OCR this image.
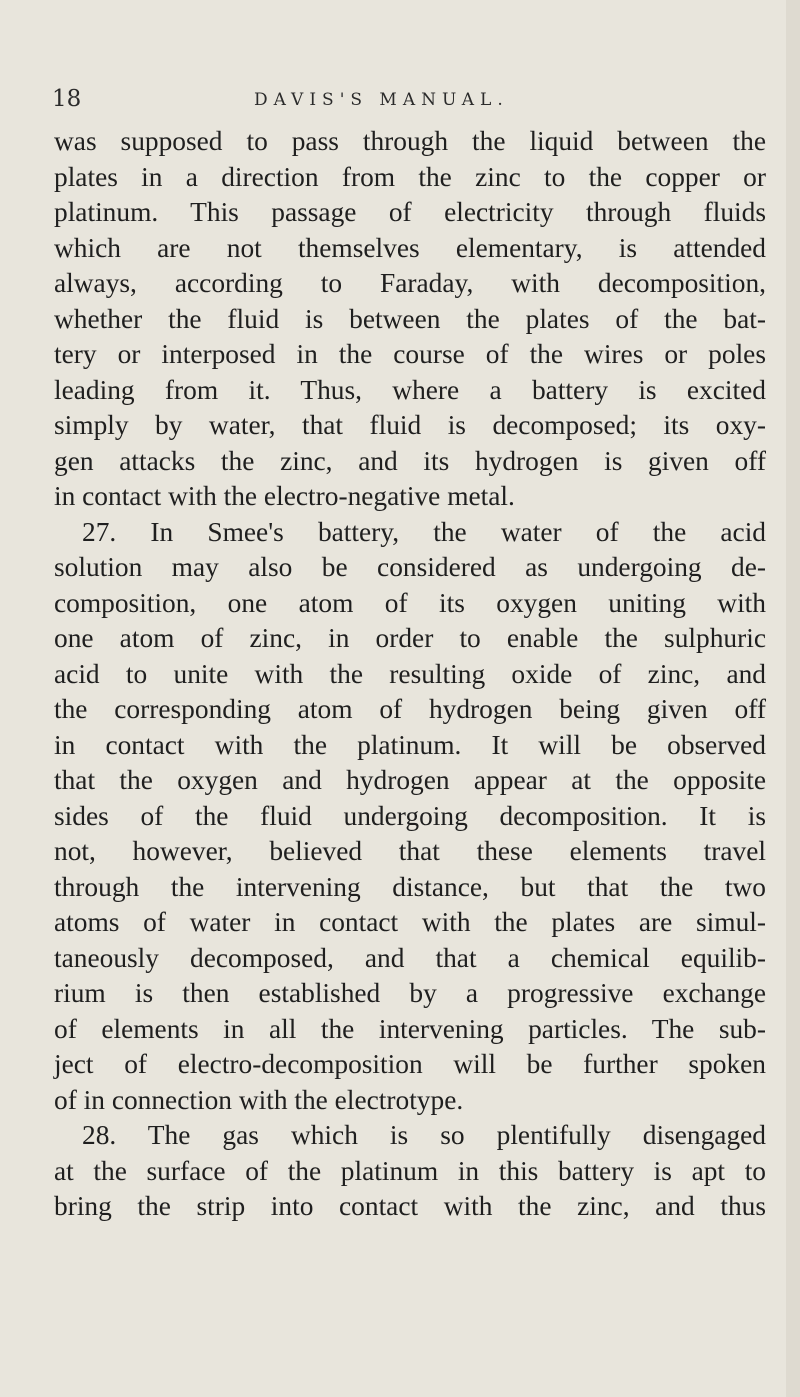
18	DAVIS'S MANUAL.
was supposed to pass through the liquid between the
plates in a direction from the zinc to the copper or
platinum. This passage of electricity through fluids
which are not themselves elementary, is attended
always, according to Faraday, with decomposition,
whether the fluid is between the plates of the bat-
tery or interposed in the course of the wires or poles
leading from it. Thus, where a battery is excited
simply by water, that fluid is decomposed; its oxy-
gen attacks the zinc, and its hydrogen is given off
in contact with the electro-negative metal.
27. In Smee's battery, the water of the acid
solution may also be considered as undergoing de-
composition, one atom of its oxygen uniting with
one atom of zinc, in order to enable the sulphuric
acid to unite with the resulting oxide of zinc, and
the corresponding atom of hydrogen being given off
in contact with the platinum. It will be observed
that the oxygen and hydrogen appear at the opposite
sides of the fluid undergoing decomposition. It is
not, however, believed that these elements travel
through the intervening distance, but that the two
atoms of water in contact with the plates are simul-
taneously decomposed, and that a chemical equilib-
rium is then established by a progressive exchange
of elements in all the intervening particles. The sub-
ject of electro-decomposition will be further spoken
of in connection with the electrotype.
28. The gas which is so plentifully disengaged
at the surface of the platinum in this battery is apt to
bring the strip into contact with the zinc, and thus
